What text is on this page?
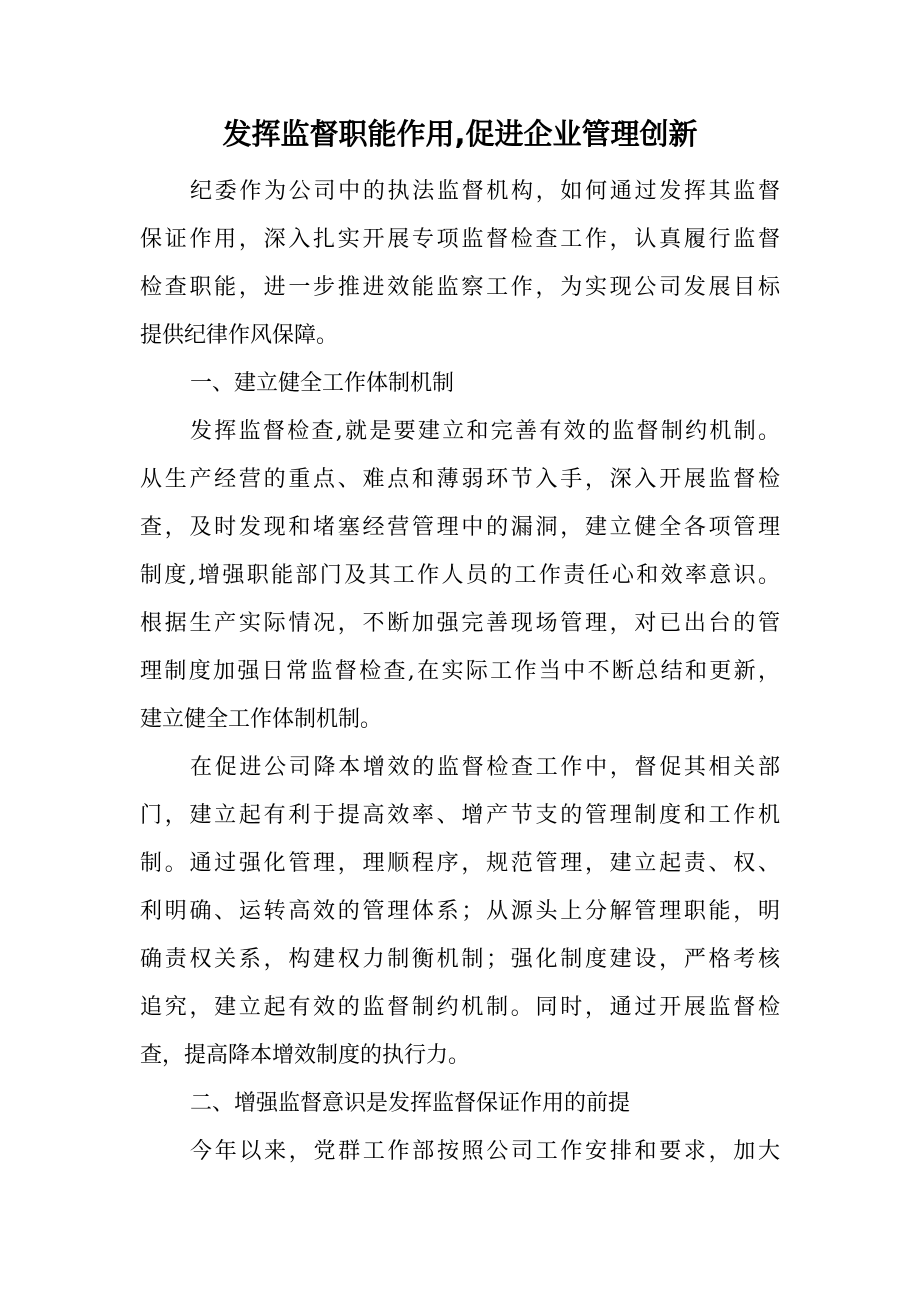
发挥监督职能作用,促进企业管理创新
纪委作为公司中的执法监督机构，如何通过发挥其监督
保证作用，深入扎实开展专项监督检查工作，认真履行监督
检查职能，进一步推进效能监察工作，为实现公司发展目标
提供纪律作风保障。
一、建立健全工作体制机制
发挥监督检查,就是要建立和完善有效的监督制约机制。
从生产经营的重点、难点和薄弱环节入手，深入开展监督检
查，及时发现和堵塞经营管理中的漏洞，建立健全各项管理
制度,增强职能部门及其工作人员的工作责任心和效率意识。
根据生产实际情况，不断加强完善现场管理，对已出台的管
理制度加强日常监督检查,在实际工作当中不断总结和更新，
建立健全工作体制机制。
在促进公司降本增效的监督检查工作中，督促其相关部
门，建立起有利于提高效率、增产节支的管理制度和工作机
制。通过强化管理，理顺程序，规范管理，建立起责、权、
利明确、运转高效的管理体系；从源头上分解管理职能，明
确责权关系，构建权力制衡机制；强化制度建设，严格考核
追究，建立起有效的监督制约机制。同时，通过开展监督检
查，提高降本增效制度的执行力。
二、增强监督意识是发挥监督保证作用的前提
今年以来，党群工作部按照公司工作安排和要求，加大
